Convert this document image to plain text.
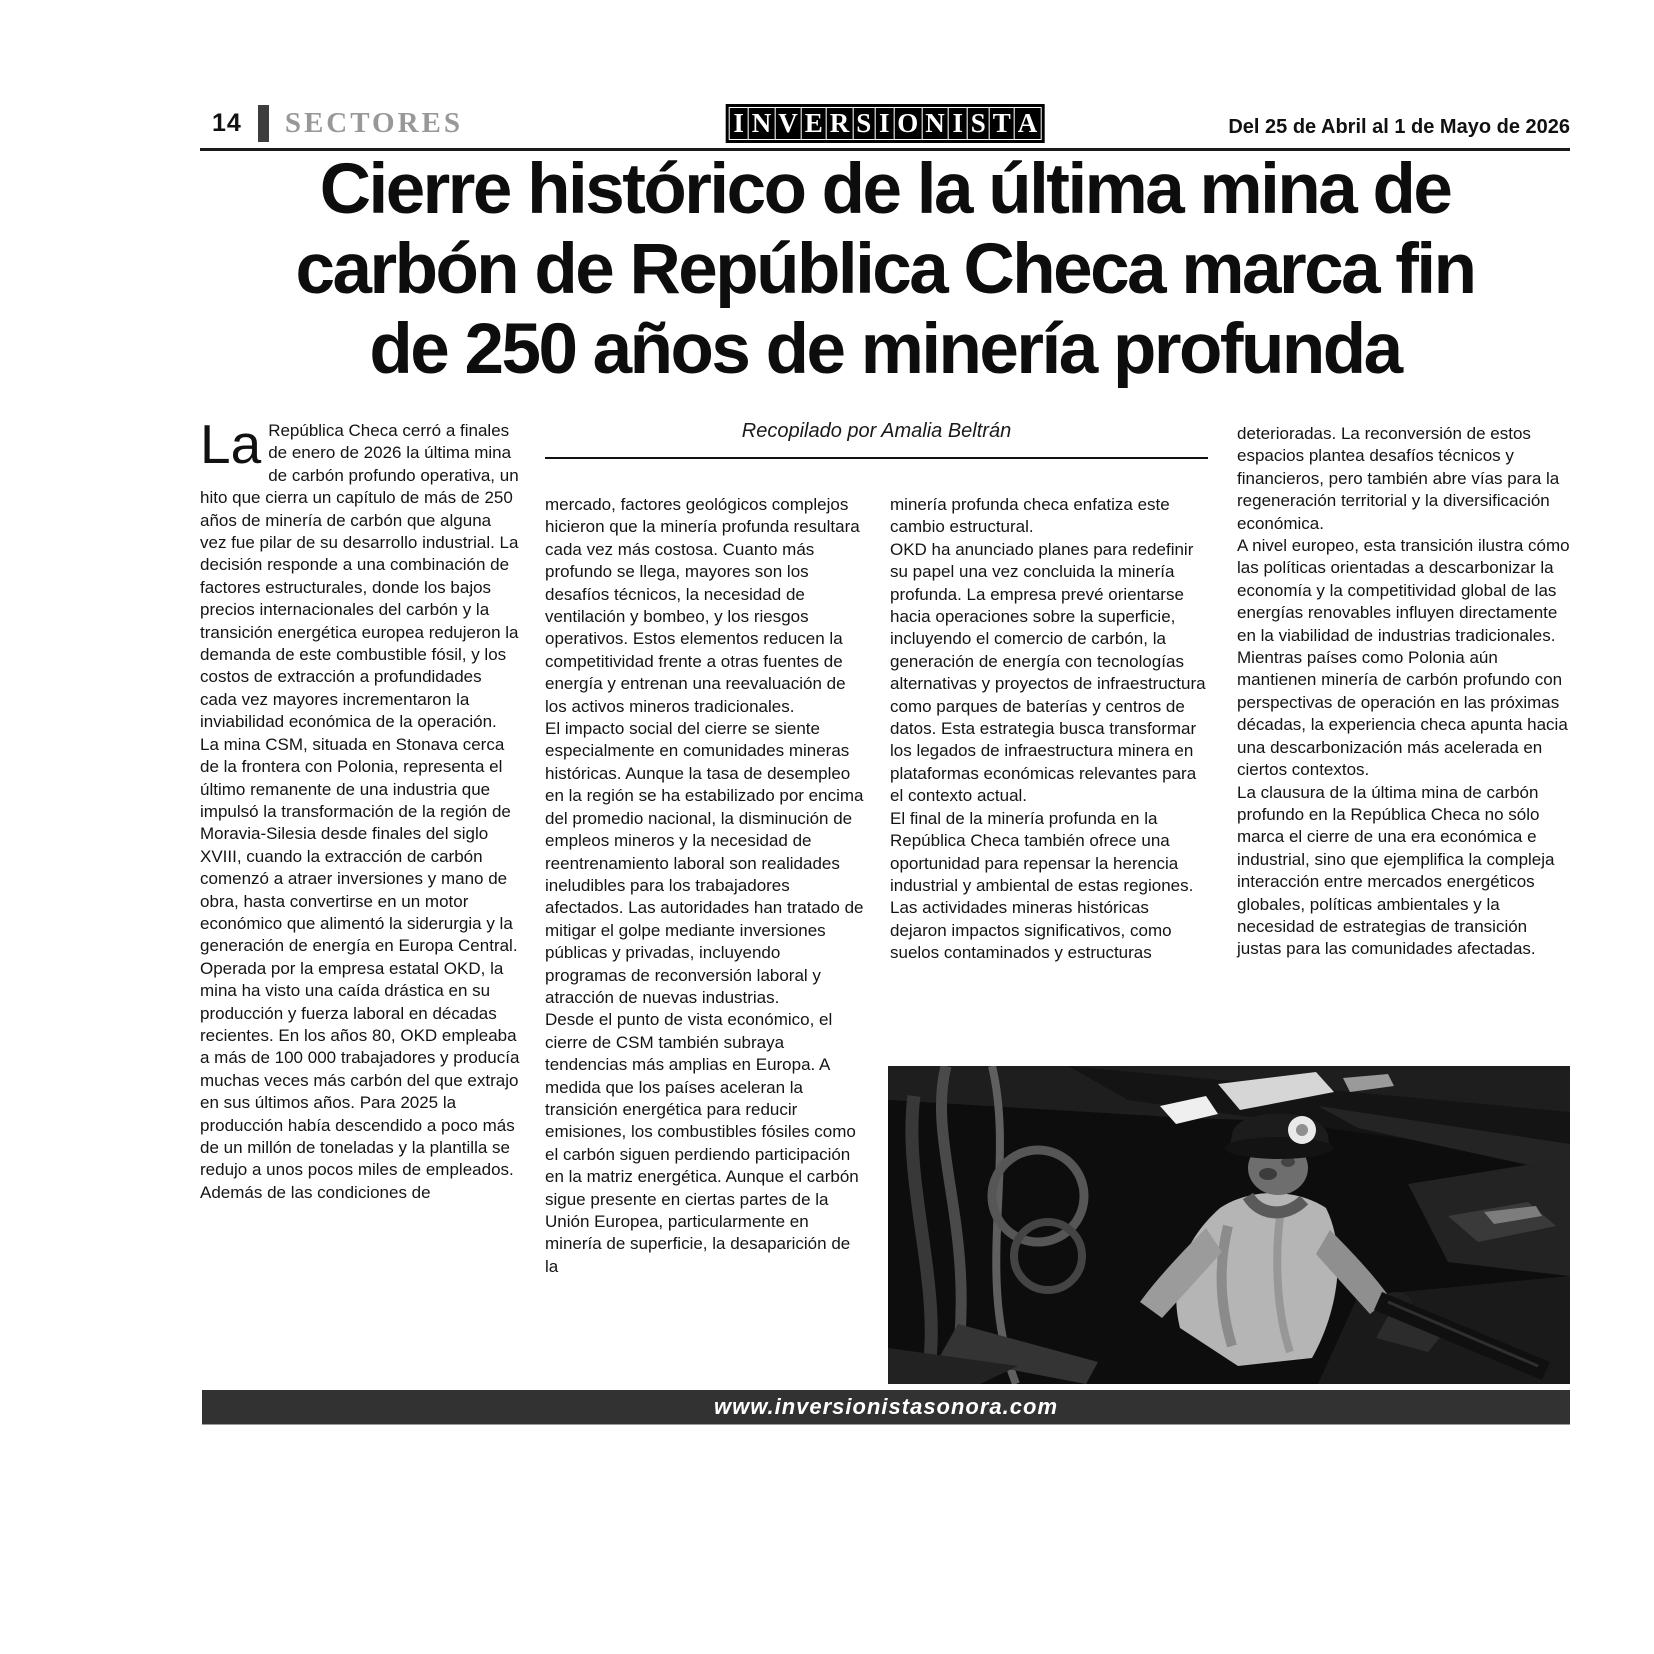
14 SECTORES	I N V E R S I O N I S T A	Del 25 de Abril al 1 de Mayo de 2026
Cierre histórico de la última mina de
carbón de República Checa marca fin
de 250 años de minería profunda
Recopilado por Amalia Beltrán

La República Checa cerró a finales de enero de 2026 la última mina de carbón profundo operativa, un hito que cierra un capítulo de más de 250 años de minería de carbón que alguna vez fue pilar de su desarrollo industrial. La decisión responde a una combinación de factores estructurales, donde los bajos precios internacionales del carbón y la transición energética europea redujeron la demanda de este combustible fósil, y los costos de extracción a profundidades cada vez mayores incrementaron la inviabilidad económica de la operación.

La mina CSM, situada en Stonava cerca de la frontera con Polonia, representa el último remanente de una industria que impulsó la transformación de la región de Moravia-Silesia desde finales del siglo XVIII, cuando la extracción de carbón comenzó a atraer inversiones y mano de obra, hasta convertirse en un motor económico que alimentó la siderurgia y la generación de energía en Europa Central.

Operada por la empresa estatal OKD, la mina ha visto una caída drástica en su producción y fuerza laboral en décadas recientes. En los años 80, OKD empleaba a más de 100 000 trabajadores y producía muchas veces más carbón del que extrajo en sus últimos años. Para 2025 la producción había descendido a poco más de un millón de toneladas y la plantilla se redujo a unos pocos miles de empleados.

Además de las condiciones de

mercado, factores geológicos complejos hicieron que la minería profunda resultara cada vez más costosa. Cuanto más profundo se llega, mayores son los desafíos técnicos, la necesidad de ventilación y bombeo, y los riesgos operativos. Estos elementos reducen la competitividad frente a otras fuentes de energía y entrenan una reevaluación de los activos mineros tradicionales.

El impacto social del cierre se siente especialmente en comunidades mineras históricas. Aunque la tasa de desempleo en la región se ha estabilizado por encima del promedio nacional, la disminución de empleos mineros y la necesidad de reentrenamiento laboral son realidades ineludibles para los trabajadores afectados. Las autoridades han tratado de mitigar el golpe mediante inversiones públicas y privadas, incluyendo programas de reconversión laboral y atracción de nuevas industrias.

Desde el punto de vista económico, el cierre de CSM también subraya tendencias más amplias en Europa. A medida que los países aceleran la transición energética para reducir emisiones, los combustibles fósiles como el carbón siguen perdiendo participación en la matriz energética. Aunque el carbón sigue presente en ciertas partes de la Unión Europea, particularmente en minería de superficie, la desaparición de la

minería profunda checa enfatiza este cambio estructural.

OKD ha anunciado planes para redefinir su papel una vez concluida la minería profunda. La empresa prevé orientarse hacia operaciones sobre la superficie, incluyendo el comercio de carbón, la generación de energía con tecnologías alternativas y proyectos de infraestructura como parques de baterías y centros de datos. Esta estrategia busca transformar los legados de infraestructura minera en plataformas económicas relevantes para el contexto actual.

El final de la minería profunda en la República Checa también ofrece una oportunidad para repensar la herencia industrial y ambiental de estas regiones. Las actividades mineras históricas dejaron impactos significativos, como suelos contaminados y estructuras

deterioradas. La reconversión de estos espacios plantea desafíos técnicos y financieros, pero también abre vías para la regeneración territorial y la diversificación económica.

A nivel europeo, esta transición ilustra cómo las políticas orientadas a descarbonizar la economía y la competitividad global de las energías renovables influyen directamente en la viabilidad de industrias tradicionales. Mientras países como Polonia aún mantienen minería de carbón profundo con perspectivas de operación en las próximas décadas, la experiencia checa apunta hacia una descarbonización más acelerada en ciertos contextos.

La clausura de la última mina de carbón profundo en la República Checa no sólo marca el cierre de una era económica e industrial, sino que ejemplifica la compleja interacción entre mercados energéticos globales, políticas ambientales y la necesidad de estrategias de transición justas para las comunidades afectadas.

www.inversionistasonora.com
